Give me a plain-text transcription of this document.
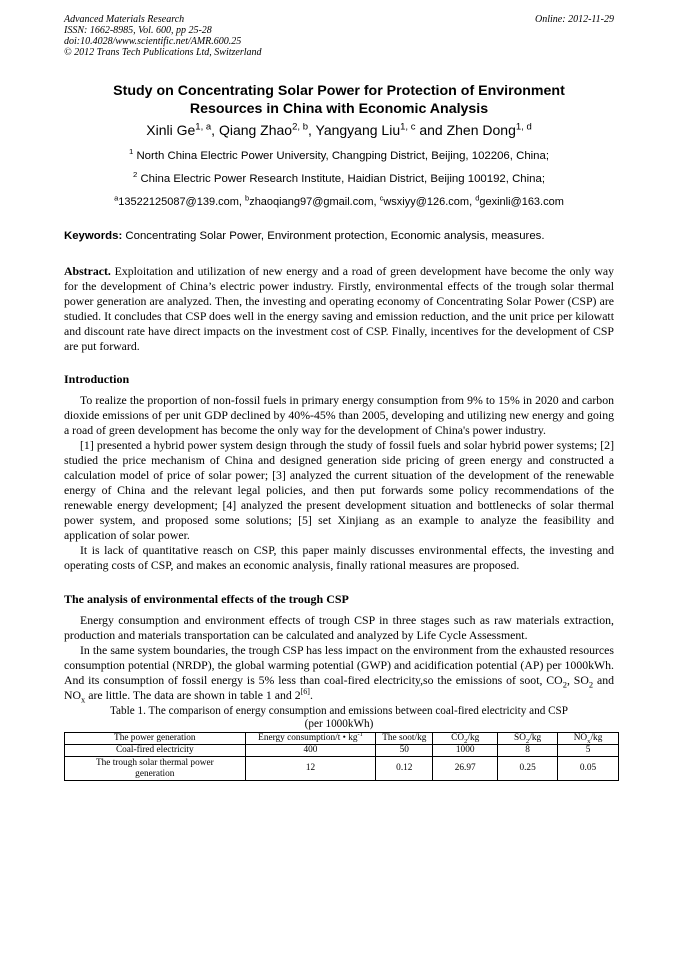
Advanced Materials Research
ISSN: 1662-8985, Vol. 600, pp 25-28
doi:10.4028/www.scientific.net/AMR.600.25
© 2012 Trans Tech Publications Ltd, Switzerland
Online: 2012-11-29
Study on Concentrating Solar Power for Protection of Environment
Resources in China with Economic Analysis
Xinli Ge$^{1, a}$, Qiang Zhao$^{2, b}$, Yangyang Liu$^{1, c}$ and Zhen Dong$^{1, d}$
$^1$ North China Electric Power University, Changping District, Beijing, 102206, China;
$^2$ China Electric Power Research Institute, Haidian District, Beijing 100192, China;
$^a$13522125087@139.com, $^b$zhaoqiang97@gmail.com, $^c$wsxiyy@126.com, $^d$gexinli@163.com
Keywords: Concentrating Solar Power, Environment protection, Economic analysis, measures.

Abstract. Exploitation and utilization of new energy and a road of green development have become the only way for the development of China’s electric power industry. Firstly, environmental effects of the trough solar thermal power generation are analyzed. Then, the investing and operating economy of Concentrating Solar Power (CSP) are studied. It concludes that CSP does well in the energy saving and emission reduction, and the unit price per kilowatt and discount rate have direct impacts on the investment cost of CSP. Finally, incentives for the development of CSP are put forward.

Introduction

To realize the proportion of non-fossil fuels in primary energy consumption from 9% to 15% in 2020 and carbon dioxide emissions of per unit GDP declined by 40%-45% than 2005, developing and utilizing new energy and going a road of green development has become the only way for the development of China's power industry.

[1] presented a hybrid power system design through the study of fossil fuels and solar hybrid power systems; [2] studied the price mechanism of China and designed generation side pricing of green energy and constructed a calculation model of price of solar power; [3] analyzed the current situation of the development of the renewable energy of China and the relevant legal policies, and then put forwards some policy recommendations of the renewable energy development; [4] analyzed the present development situation and bottlenecks of solar thermal power system, and proposed some solutions; [5] set Xinjiang as an example to analyze the feasibility and application of solar power.

It is lack of quantitative reasch on CSP, this paper mainly discusses environmental effects, the investing and operating costs of CSP, and makes an economic analysis, finally rational measures are proposed.

The analysis of environmental effects of the trough CSP

Energy consumption and environment effects of trough CSP in three stages such as raw materials extraction, production and materials transportation can be calculated and analyzed by Life Cycle Assessment.

In the same system boundaries, the trough CSP has less impact on the environment from the exhausted resources consumption potential (NRDP), the global warming potential (GWP) and acidification potential (AP) per 1000kWh. And its consumption of fossil energy is 5% less than coal-fired electricity,so the emissions of soot, $CO_2$, $SO_2$ and $NO_x$ are little. The data are shown in table 1 and 2[6].

Table 1. The comparison of energy consumption and emissions between coal-fired electricity and CSP
(per 1000kWh)
The power generation	Energy consumption/t • $kg^{-1}$	The soot/kg	$CO_2/kg$	$SO_2/kg$	$NO_x/kg$
Coal-fired electricity	400	50	1000	8	5
The trough solar thermal power generation	12	0.12	26.97	0.25	0.05
